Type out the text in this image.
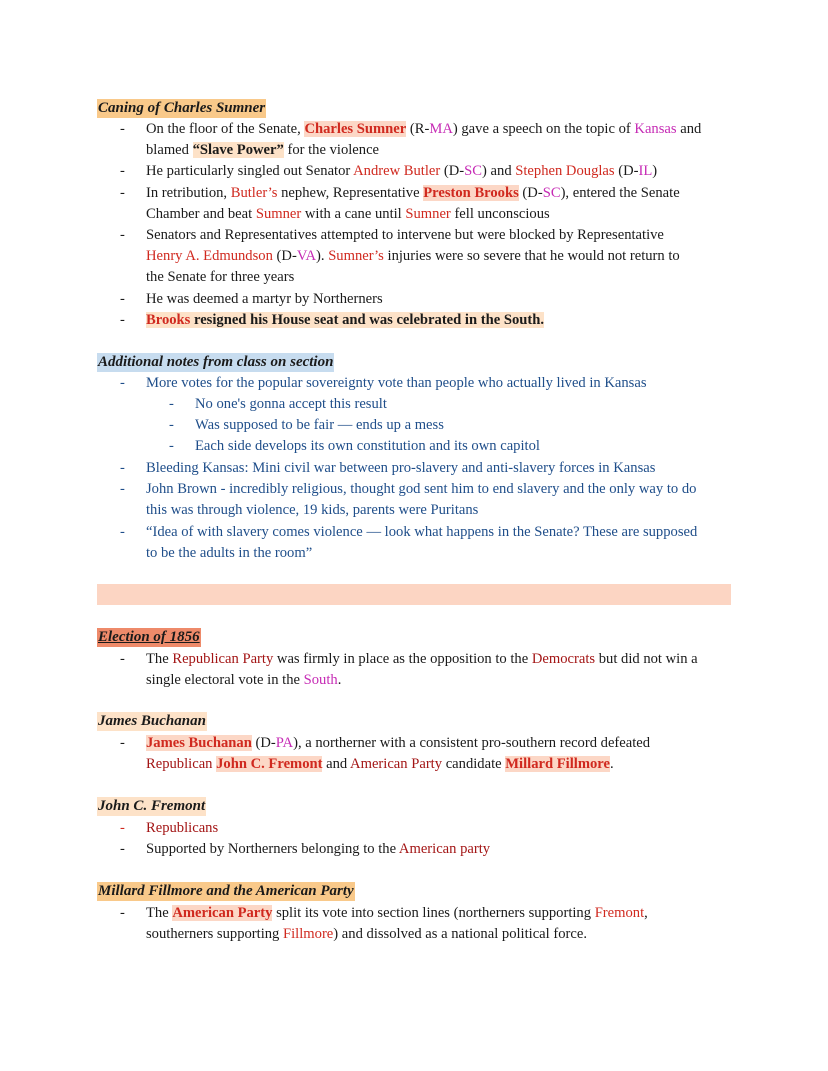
Caning of Charles Sumner
- On the floor of the Senate, Charles Sumner (R-MA) gave a speech on the topic of Kansas and
blamed “Slave Power” for the violence
- He particularly singled out Senator Andrew Butler (D-SC) and Stephen Douglas (D-IL)
- In retribution, Butler’s nephew, Representative Preston Brooks (D-SC), entered the Senate
Chamber and beat Sumner with a cane until Sumner fell unconscious
- Senators and Representatives attempted to intervene but were blocked by Representative
Henry A. Edmundson (D-VA). Sumner’s injuries were so severe that he would not return to
the Senate for three years
- He was deemed a martyr by Northerners
- Brooks resigned his House seat and was celebrated in the South.
Additional notes from class on section
- More votes for the popular sovereignty vote than people who actually lived in Kansas
- No one's gonna accept this result
- Was supposed to be fair — ends up a mess
- Each side develops its own constitution and its own capitol
- Bleeding Kansas: Mini civil war between pro-slavery and anti-slavery forces in Kansas
- John Brown - incredibly religious, thought god sent him to end slavery and the only way to do
this was through violence, 19 kids, parents were Puritans
- “Idea of with slavery comes violence — look what happens in the Senate? These are supposed
to be the adults in the room”
Election of 1856
- The Republican Party was firmly in place as the opposition to the Democrats but did not win a
single electoral vote in the South.
James Buchanan
- James Buchanan (D-PA), a northerner with a consistent pro-southern record defeated
Republican John C. Fremont and American Party candidate Millard Fillmore.
John C. Fremont
- Republicans
- Supported by Northerners belonging to the American party
Millard Fillmore and the American Party
- The American Party split its vote into section lines (northerners supporting Fremont,
southerners supporting Fillmore) and dissolved as a national political force.
